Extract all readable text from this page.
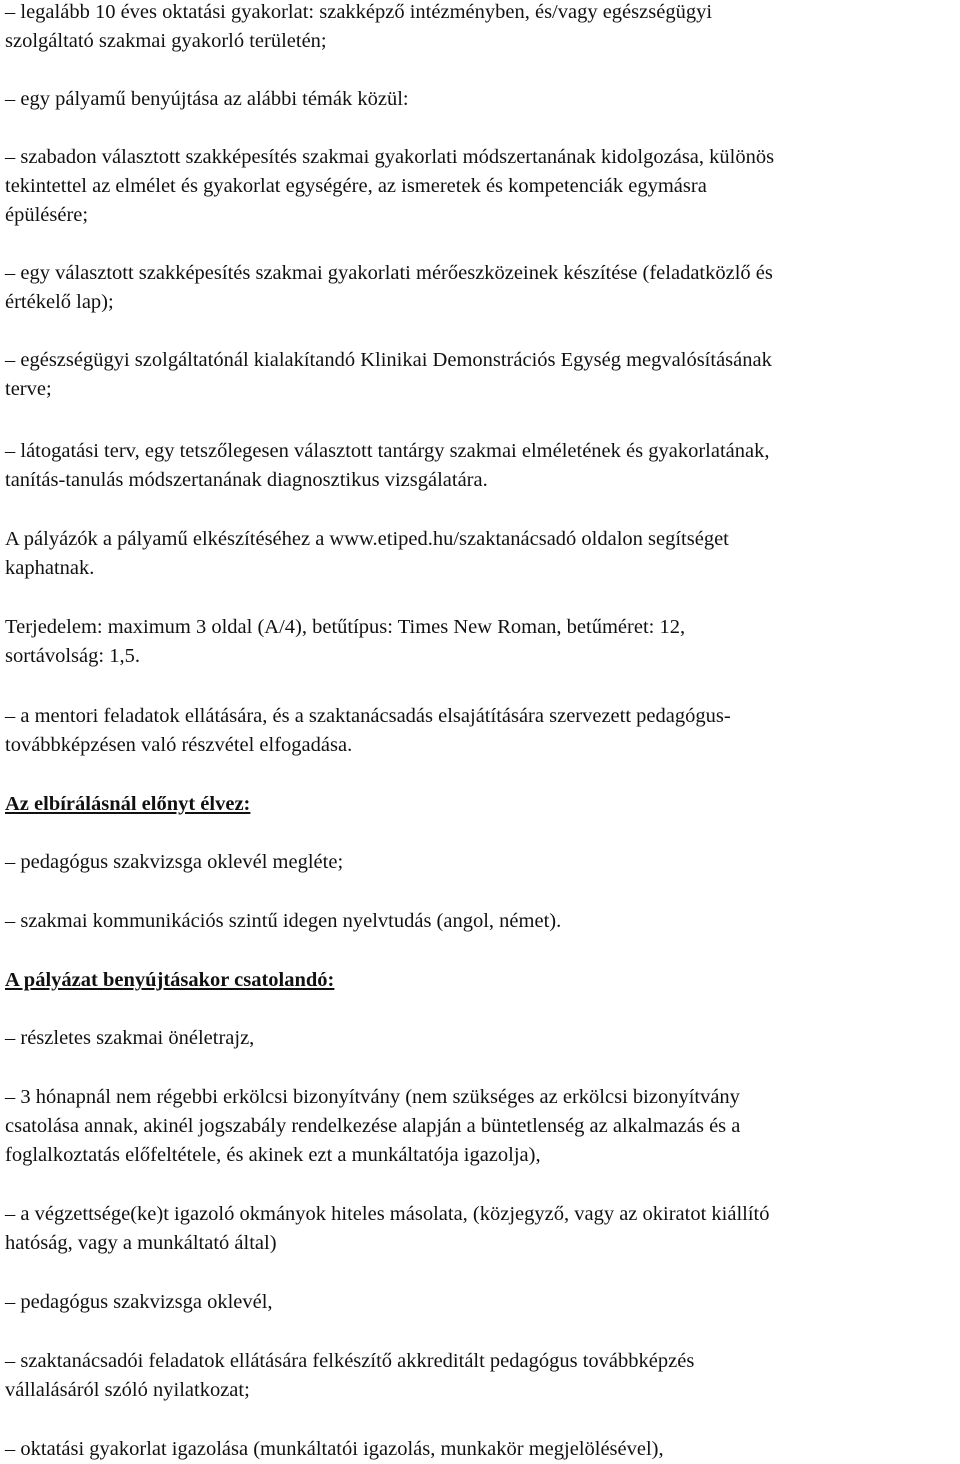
– legalább 10 éves oktatási gyakorlat: szakképző intézményben, és/vagy egészségügyi
szolgáltató szakmai gyakorló területén;
– egy pályamű benyújtása az alábbi témák közül:
– szabadon választott szakképesítés szakmai gyakorlati módszertanának kidolgozása, különös
tekintettel az elmélet és gyakorlat egységére, az ismeretek és kompetenciák egymásra
épülésére;
– egy választott szakképesítés szakmai gyakorlati mérőeszközeinek készítése (feladatközlő és
értékelő lap);
– egészségügyi szolgáltatónál kialakítandó Klinikai Demonstrációs Egység megvalósításának
terve;
– látogatási terv, egy tetszőlegesen választott tantárgy szakmai elméletének és gyakorlatának,
tanítás-tanulás módszertanának diagnosztikus vizsgálatára.
A pályázók a pályamű elkészítéséhez a www.etiped.hu/szaktanácsadó oldalon segítséget
kaphatnak.
Terjedelem: maximum 3 oldal (A/4), betűtípus: Times New Roman, betűméret: 12,
sortávolság: 1,5.
– a mentori feladatok ellátására, és a szaktanácsadás elsajátítására szervezett pedagógus-
továbbképzésen való részvétel elfogadása.
Az elbírálásnál előnyt élvez:
– pedagógus szakvizsga oklevél megléte;
– szakmai kommunikációs szintű idegen nyelvtudás (angol, német).
A pályázat benyújtásakor csatolandó:
– részletes szakmai önéletrajz,
– 3 hónapnál nem régebbi erkölcsi bizonyítvány (nem szükséges az erkölcsi bizonyítvány
csatolása annak, akinél jogszabály rendelkezése alapján a büntetlenség az alkalmazás és a
foglalkoztatás előfeltétele, és akinek ezt a munkáltatója igazolja),
– a végzettsége(ke)t igazoló okmányok hiteles másolata, (közjegyző, vagy az okiratot kiállító
hatóság, vagy a munkáltató által)
– pedagógus szakvizsga oklevél,
– szaktanácsadói feladatok ellátására felkészítő akkreditált pedagógus továbbképzés
vállalásáról szóló nyilatkozat;
– oktatási gyakorlat igazolása (munkáltatói igazolás, munkakör megjelölésével),
